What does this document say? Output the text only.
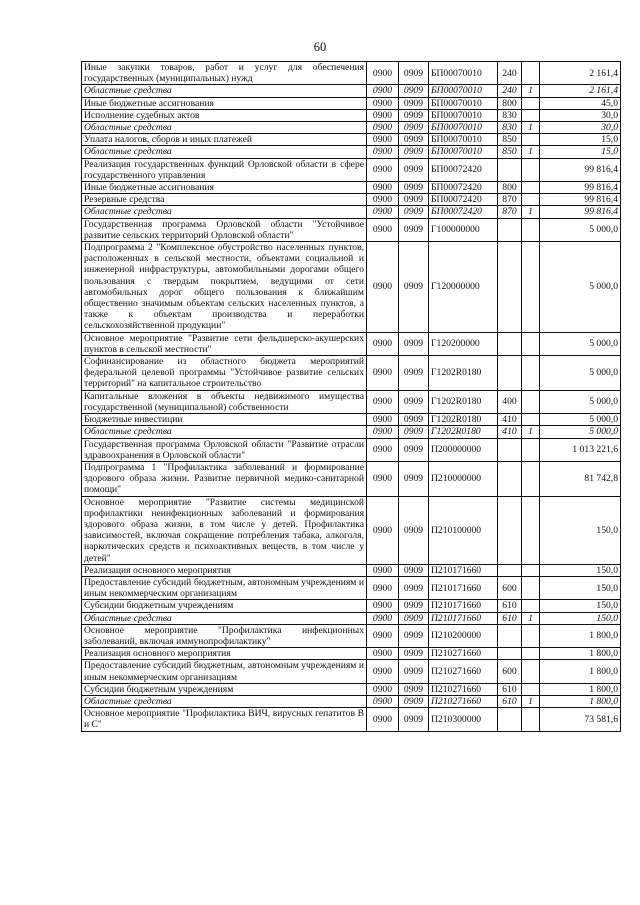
60
Иные закупки товаров, работ и услуг для обеспечения государственных (муниципальных) нужд	0900	0909	БП00070010	240		2 161,4
Областные средства	0900	0909	БП00070010	240	1	2 161,4
Иные бюджетные ассигнования	0900	0909	БП00070010	800		45,0
Исполнение судебных актов	0900	0909	БП00070010	830		30,0
Областные средства	0900	0909	БП00070010	830	1	30,0
Уплата налогов, сборов и иных платежей	0900	0909	БП00070010	850		15,0
Областные средства	0900	0909	БП00070010	850	1	15,0
Реализация государственных функций Орловской области в сфере государственного управления	0900	0909	БП00072420			99 816,4
Иные бюджетные ассигнования	0900	0909	БП00072420	800		99 816,4
Резервные средства	0900	0909	БП00072420	870		99 816,4
Областные средства	0900	0909	БП00072420	870	1	99 816,4
Государственная программа Орловской области "Устойчивое развитие сельских территорий Орловской области"	0900	0909	Г100000000			5 000,0
Подпрограмма 2 "Комплексное обустройство населенных пунктов, расположенных в сельской местности, объектами социальной и инженерной инфраструктуры, автомобильными дорогами общего пользования с твердым покрытием, ведущими от сети автомобильных дорог общего пользования к ближайшим общественно значимым объектам сельских населенных пунктов, а также к объектам производства и переработки сельскохозяйственной продукции"	0900	0909	Г120000000			5 000,0
Основное мероприятие "Развитие сети фельдшерско-акушерских пунктов в сельской местности"	0900	0909	Г120200000			5 000,0
Софинансирование из областного бюджета мероприятий федеральной целевой программы "Устойчивое развитие сельских территорий" на капитальное строительство	0900	0909	Г1202R0180			5 000,0
Капитальные вложения в объекты недвижимого имущества государственной (муниципальной) собственности	0900	0909	Г1202R0180	400		5 000,0
Бюджетные инвестиции	0900	0909	Г1202R0180	410		5 000,0
Областные средства	0900	0909	Г1202R0180	410	1	5 000,0
Государственная программа Орловской области "Развитие отрасли здравоохранения в Орловской области"	0900	0909	П200000000			1 013 221,6
Подпрограмма 1 "Профилактика заболеваний и формирование здорового образа жизни. Развитие первичной медико-санитарной помощи"	0900	0909	П210000000			81 742,8
Основное мероприятие "Развитие системы медицинской профилактики неинфекционных заболеваний и формирования здорового образа жизни, в том числе у детей. Профилактика зависимостей, включая сокращение потребления табака, алкоголя, наркотических средств и психоактивных веществ, в том числе у детей"	0900	0909	П210100000			150,0
Реализация основного мероприятия	0900	0909	П210171660			150,0
Предоставление субсидий бюджетным, автономным учреждениям и иным некоммерческим организациям	0900	0909	П210171660	600		150,0
Субсидии бюджетным учреждениям	0900	0909	П210171660	610		150,0
Областные средства	0900	0909	П210171660	610	1	150,0
Основное мероприятие "Профилактика инфекционных заболеваний, включая иммунопрофилактику"	0900	0909	П210200000			1 800,0
Реализация основного мероприятия	0900	0909	П210271660			1 800,0
Предоставление субсидий бюджетным, автономным учреждениям и иным некоммерческим организациям	0900	0909	П210271660	600		1 800,0
Субсидии бюджетным учреждениям	0900	0909	П210271660	610		1 800,0
Областные средства	0900	0909	П210271660	610	1	1 800,0
Основное мероприятие "Профилактика ВИЧ, вирусных гепатитов В и С"	0900	0909	П210300000			73 581,6
